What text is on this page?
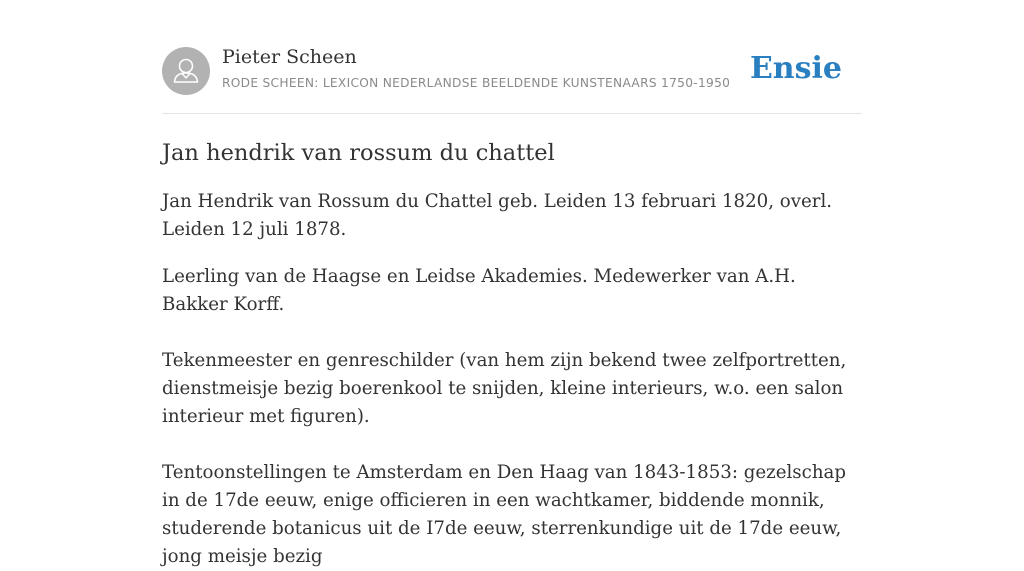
Pieter Scheen
RODE SCHEEN: LEXICON NEDERLANDSE BEELDENDE KUNSTENAARS 1750-1950 Ensie
Jan hendrik van rossum du chattel

Jan Hendrik van Rossum du Chattel geb. Leiden 13 februari 1820, overl. Leiden 12 juli 1878.

Leerling van de Haagse en Leidse Akademies. Medewerker van A.H. Bakker Korff.

Tekenmeester en genreschilder (van hem zijn bekend twee zelfportretten, dienstmeisje bezig boerenkool te snijden, kleine interieurs, w.o. een salon interieur met figuren).

Tentoonstellingen te Amsterdam en Den Haag van 1843-1853: gezelschap in de 17de eeuw, enige officieren in een wachtkamer, biddende monnik, studerende botanicus uit de I7de eeuw, sterrenkundige uit de 17de eeuw, jong meisje bezig
